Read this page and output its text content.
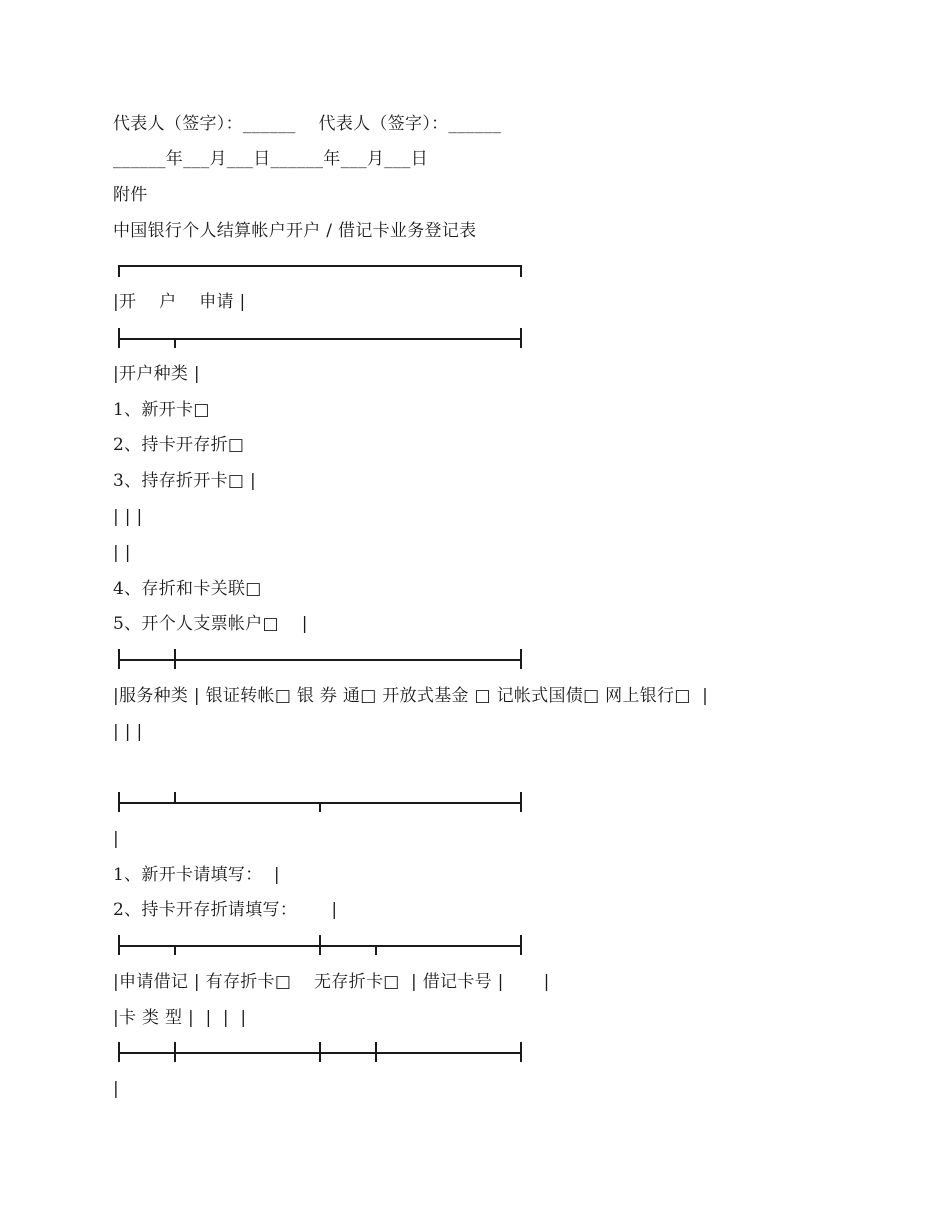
代表人（签字）：______    代表人（签字）：______
______年___月___日______年___月___日
附件
中国银行个人结算帐户开户 / 借记卡业务登记表
|开    户    申请 |
|开户种类 |
1、新开卡□
2、持卡开存折□
3、持存折开卡□ |
| | |
| |
4、存折和卡关联□
5、开个人支票帐户□    |
|服务种类 | 银证转帐□ 银 券 通□ 开放式基金 □ 记帐式国债□ 网上银行□  |
| | |
|
1、新开卡请填写：  |
2、持卡开存折请填写：      |
|申请借记 | 有存折卡□    无存折卡□  | 借记卡号 |       |
|卡 类 型 |  |  |  |
|
